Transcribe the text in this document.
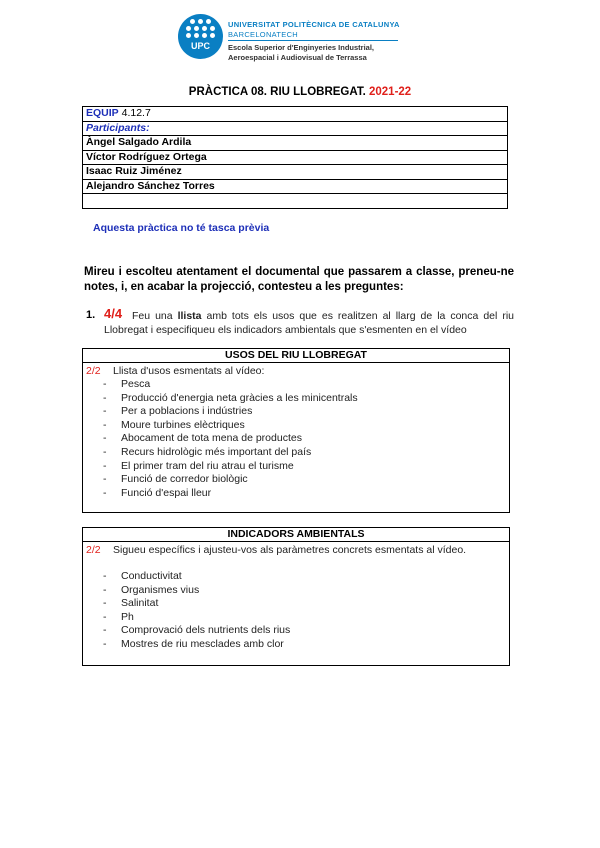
UPC
UNIVERSITAT POLITÈCNICA DE CATALUNYA
BARCELONATECH
Escola Superior d'Enginyeries Industrial,
Aeroespacial i Audiovisual de Terrassa
PRÀCTICA 08. RIU LLOBREGAT. 2021-22
EQUIP 4.12.7
Participants:
Àngel Salgado Ardila
Víctor Rodríguez Ortega
Isaac Ruiz Jiménez
Alejandro Sánchez Torres

Aquesta pràctica no té tasca prèvia
Mireu i escolteu atentament el documental que passarem a classe, preneu-ne notes, i, en acabar la projecció, contesteu a les preguntes:
1. 4/4 Feu una llista amb tots els usos que es realitzen al llarg de la conca del riu Llobregat i especifiqueu els indicadors ambientals que s'esmenten en el vídeo
USOS DEL RIU LLOBREGAT
2/2 Llista d'usos esmentats al vídeo:
- Pesca
- Producció d'energia neta gràcies a les minicentrals
- Per a poblacions i indústries
- Moure turbines elèctriques
- Abocament de tota mena de productes
- Recurs hidrològic més important del país
- El primer tram del riu atrau el turisme
- Funció de corredor biològic
- Funció d'espai lleur
INDICADORS AMBIENTALS
2/2 Sigueu específics i ajusteu-vos als paràmetres concrets esmentats al vídeo.
- Conductivitat
- Organismes vius
- Salinitat
- Ph
- Comprovació dels nutrients dels rius
- Mostres de riu mesclades amb clor
